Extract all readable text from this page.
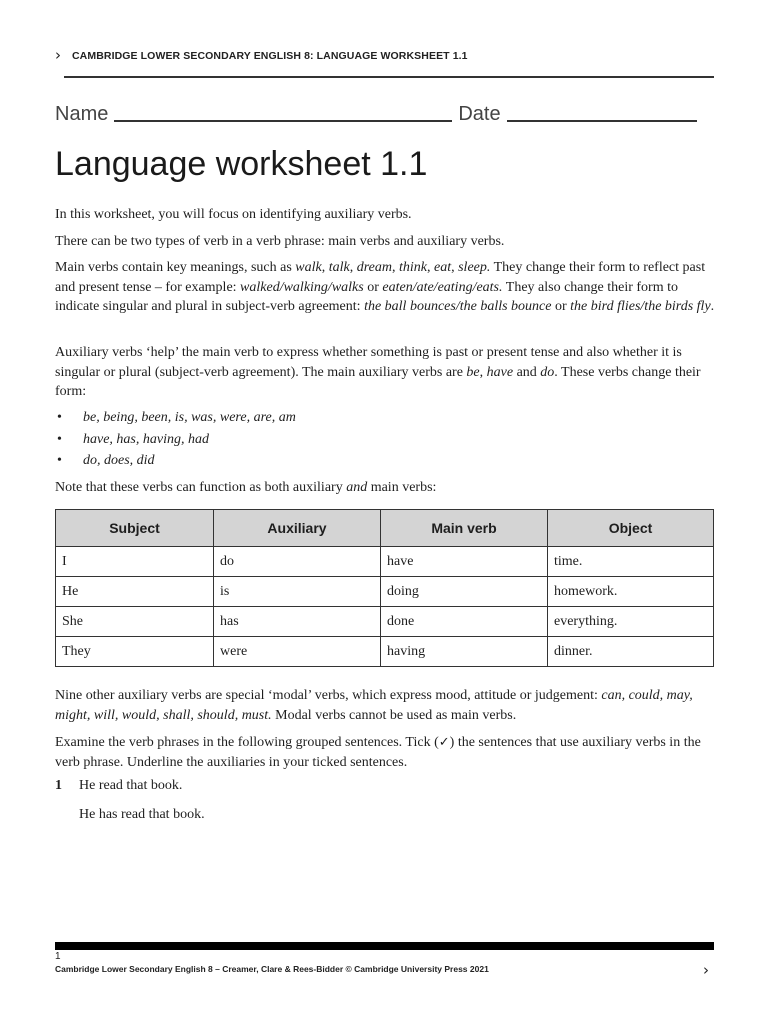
› CAMBRIDGE LOWER SECONDARY ENGLISH 8: LANGUAGE WORKSHEET 1.1
Name	Date
Language worksheet 1.1

In this worksheet, you will focus on identifying auxiliary verbs.

There can be two types of verb in a verb phrase: main verbs and auxiliary verbs.

Main verbs contain key meanings, such as walk, talk, dream, think, eat, sleep. They change their form to reflect past and present tense – for example: walked/walking/walks or eaten/ate/eating/eats. They also change their form to indicate singular and plural in subject-verb agreement: the ball bounces/the balls bounce or the bird flies/the birds fly.

Auxiliary verbs ‘help’ the main verb to express whether something is past or present tense and also whether it is singular or plural (subject-verb agreement). The main auxiliary verbs are be, have and do. These verbs change their form:

•	be, being, been, is, was, were, are, am
•	have, has, having, had
•	do, does, did

Note that these verbs can function as both auxiliary and main verbs:

Subject	Auxiliary	Main verb	Object
I	do	have	time.
He	is	doing	homework.
She	has	done	everything.
They	were	having	dinner.

Nine other auxiliary verbs are special ‘modal’ verbs, which express mood, attitude or judgement: can, could, may, might, will, would, shall, should, must. Modal verbs cannot be used as main verbs.

Examine the verb phrases in the following grouped sentences. Tick (✓) the sentences that use auxiliary verbs in the verb phrase. Underline the auxiliaries in your ticked sentences.

1 He read that book.
He has read that book.
1
Cambridge Lower Secondary English 8 – Creamer, Clare & Rees-Bidder © Cambridge University Press 2021	›
